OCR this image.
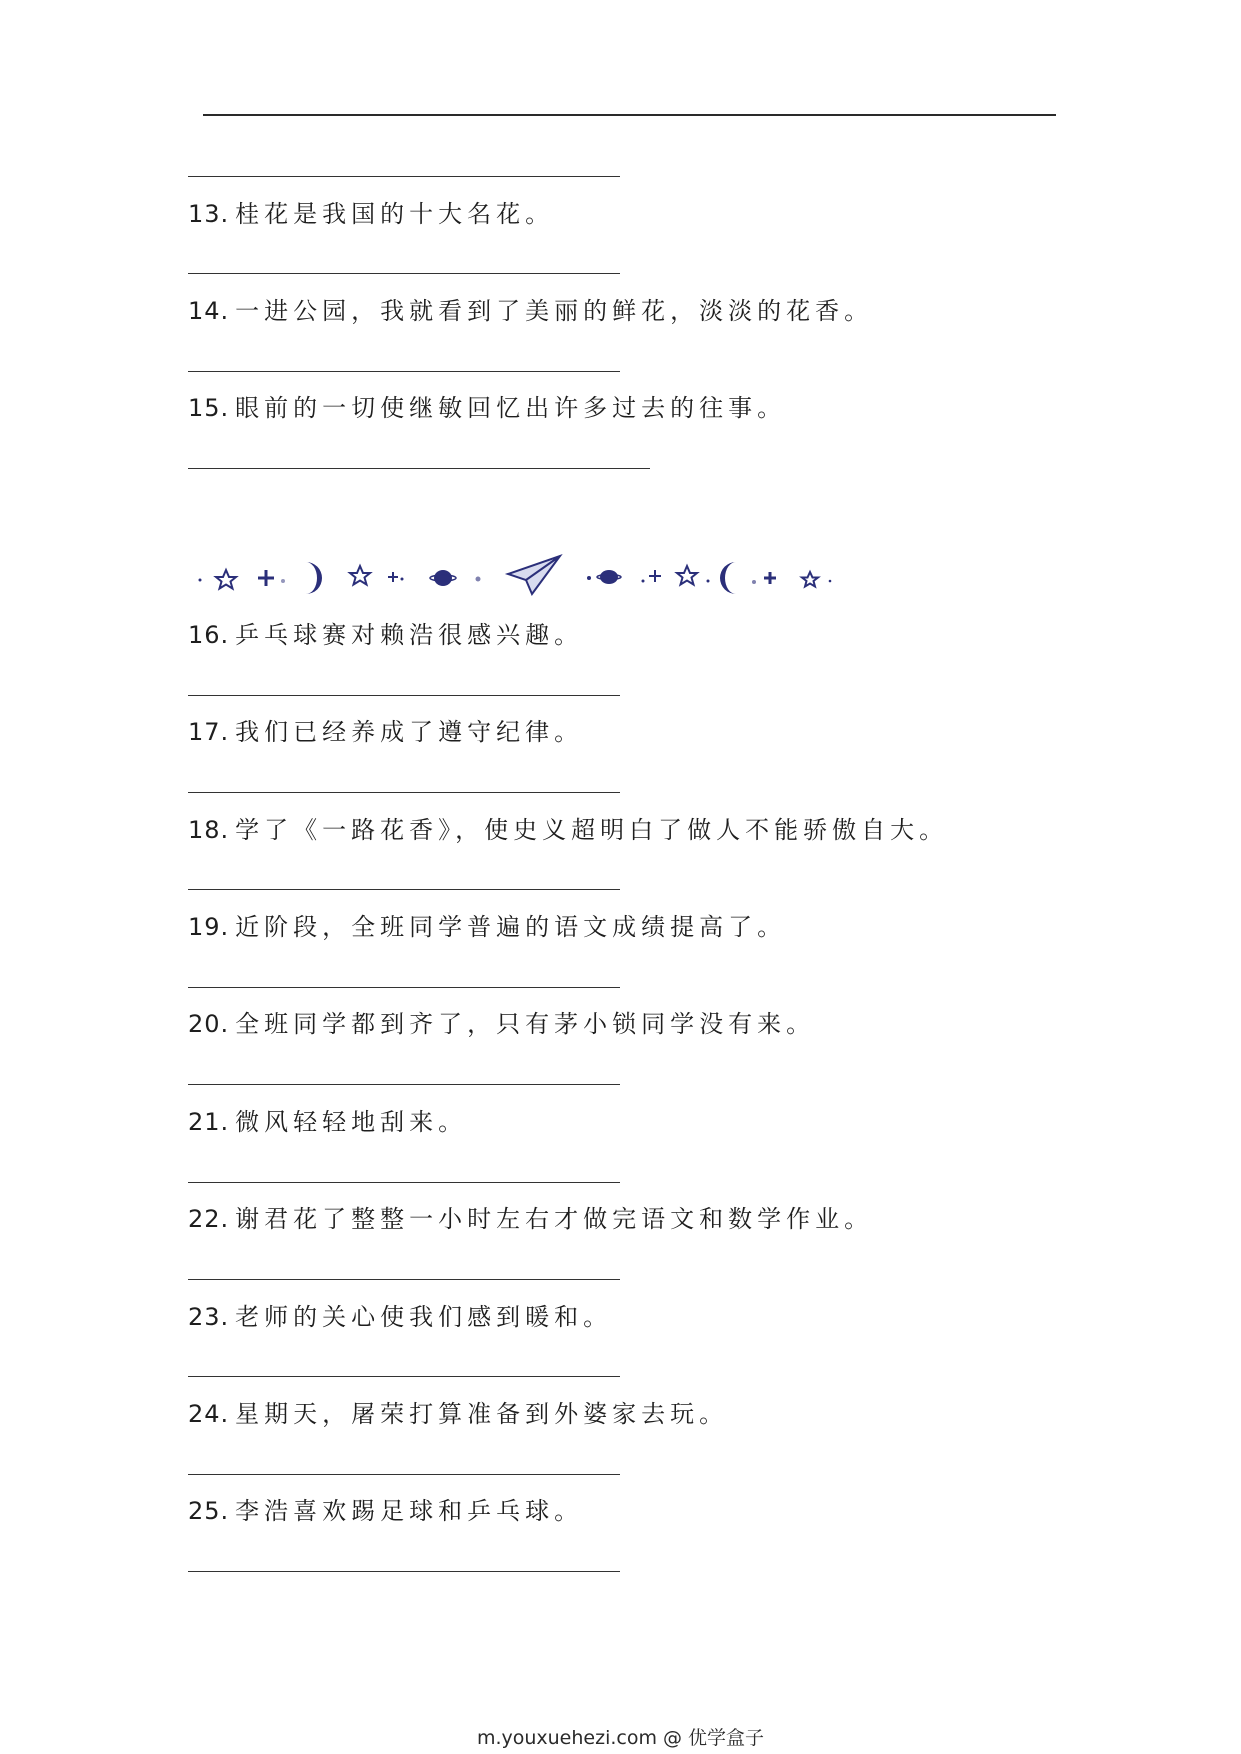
13. 桂花是我国的十大名花。
14. 一进公园，我就看到了美丽的鲜花，淡淡的花香。
15. 眼前的一切使继敏回忆出许多过去的往事。
16. 乒乓球赛对赖浩很感兴趣。
17. 我们已经养成了遵守纪律。
18. 学了《一路花香》，使史义超明白了做人不能骄傲自大。
19. 近阶段，全班同学普遍的语文成绩提高了。
20. 全班同学都到齐了，只有茅小锁同学没有来。
21. 微风轻轻地刮来。
22. 谢君花了整整一小时左右才做完语文和数学作业。
23. 老师的关心使我们感到暖和。
24. 星期天，屠荣打算准备到外婆家去玩。
25. 李浩喜欢踢足球和乒乓球。
m.youxuehezi.com @ 优学盒子
